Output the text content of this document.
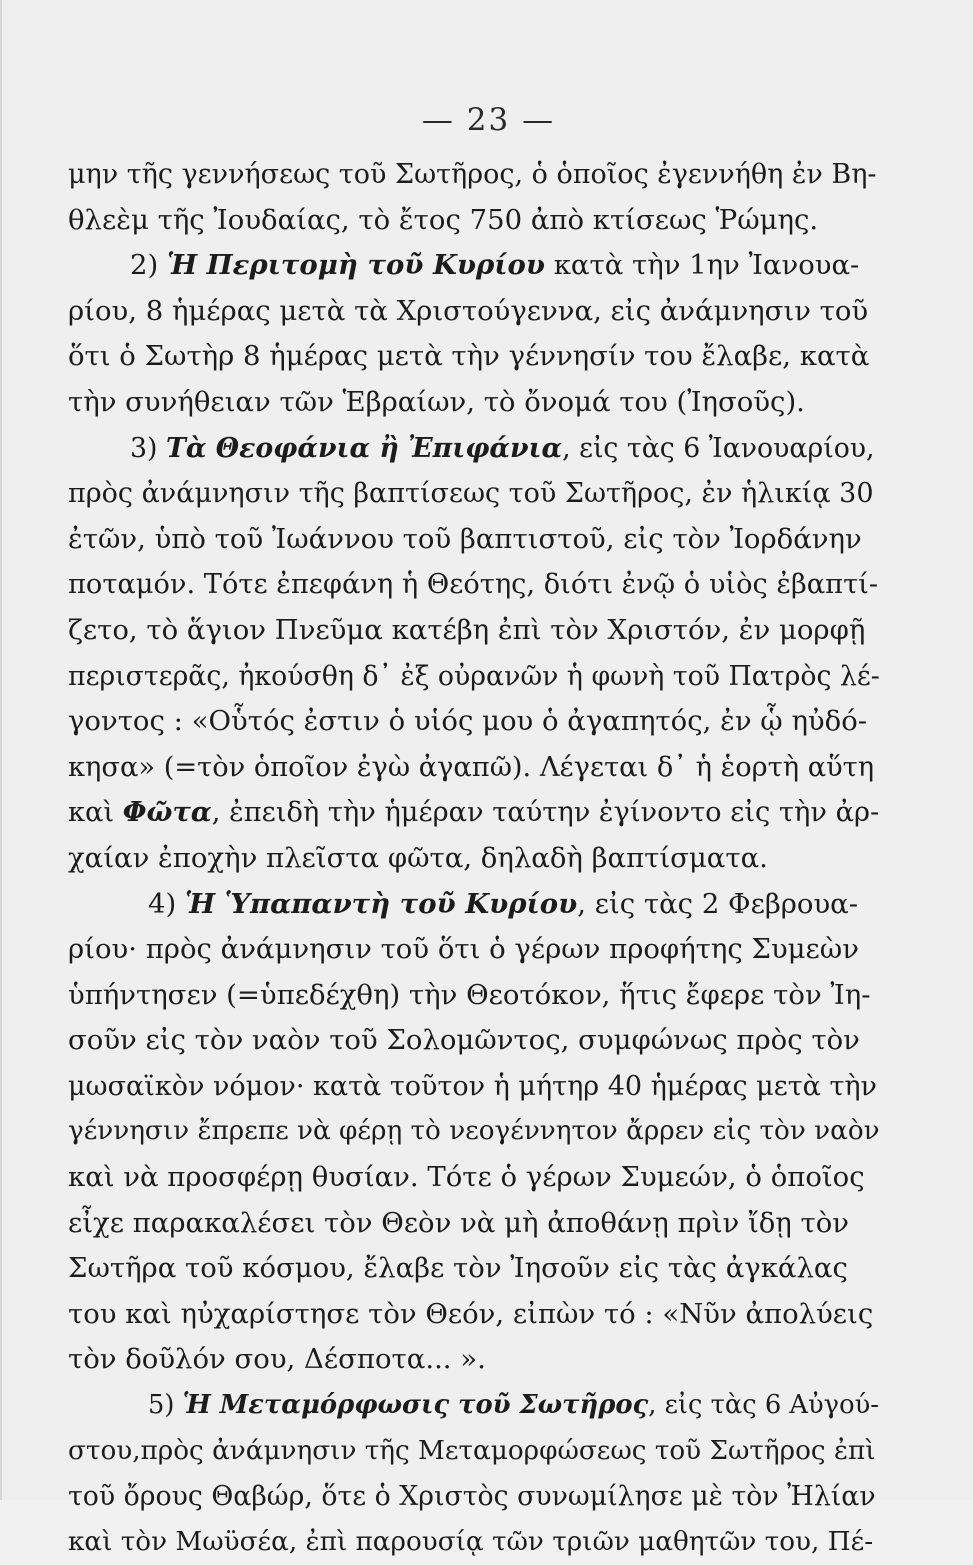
— 23 —
μην τῆς γεννήσεως τοῦ Σωτῆρος, ὁ ὁποῖος ἐγεννήθη ἐν Βη-
θλεὲμ τῆς Ἰουδαίας, τὸ ἔτος 750 ἀπὸ κτίσεως Ῥώμης.
2) Ἡ Περιτομὴ τοῦ Κυρίου κατὰ τὴν 1ην Ἰανουα-
ρίου, 8 ἡμέρας μετὰ τὰ Χριστούγεννα, εἰς ἀνάμνησιν τοῦ
ὅτι ὁ Σωτὴρ 8 ἡμέρας μετὰ τὴν γέννησίν του ἔλαβε, κατὰ
τὴν συνήθειαν τῶν Ἑβραίων, τὸ ὄνομά του (Ἰησοῦς).
3) Τὰ Θεοφάνια ἢ Ἐπιφάνια, εἰς τὰς 6 Ἰανουαρίου,
πρὸς ἀνάμνησιν τῆς βαπτίσεως τοῦ Σωτῆρος, ἐν ἡλικίᾳ 30
ἐτῶν, ὑπὸ τοῦ Ἰωάννου τοῦ βαπτιστοῦ, εἰς τὸν Ἰορδάνην
ποταμόν. Τότε ἐπεφάνη ἡ Θεότης, διότι ἐνῷ ὁ υἱὸς ἐβαπτί-
ζετο, τὸ ἅγιον Πνεῦμα κατέβη ἐπὶ τὸν Χριστόν, ἐν μορφῇ
περιστερᾶς, ἠκούσθη δ᾽ ἐξ οὐρανῶν ἡ φωνὴ τοῦ Πατρὸς λέ-
γοντος : «Οὗτός ἐστιν ὁ υἱός μου ὁ ἀγαπητός, ἐν ᾧ ηὐδό-
κησα» (=τὸν ὁποῖον ἐγὼ ἀγαπῶ). Λέγεται δ᾽ ἡ ἑορτὴ αὕτη
καὶ Φῶτα, ἐπειδὴ τὴν ἡμέραν ταύτην ἐγίνοντο εἰς τὴν ἀρ-
χαίαν ἐποχὴν πλεῖστα φῶτα, δηλαδὴ βαπτίσματα.
4) Ἡ Ὑπαπαντὴ τοῦ Κυρίου, εἰς τὰς 2 Φεβρουα-
ρίου· πρὸς ἀνάμνησιν τοῦ ὅτι ὁ γέρων προφήτης Συμεὼν
ὑπήντησεν (=ὑπεδέχθη) τὴν Θεοτόκον, ἥτις ἔφερε τὸν Ἰη-
σοῦν εἰς τὸν ναὸν τοῦ Σολομῶντος, συμφώνως πρὸς τὸν
μωσαϊκὸν νόμον· κατὰ τοῦτον ἡ μήτηρ 40 ἡμέρας μετὰ τὴν
γέννησιν ἔπρεπε νὰ φέρῃ τὸ νεογέννητον ἄρρεν εἰς τὸν ναὸν
καὶ νὰ προσφέρῃ θυσίαν. Τότε ὁ γέρων Συμεών, ὁ ὁποῖος
εἶχε παρακαλέσει τὸν Θεὸν νὰ μὴ ἀποθάνῃ πρὶν ἴδῃ τὸν
Σωτῆρα τοῦ κόσμου, ἔλαβε τὸν Ἰησοῦν εἰς τὰς ἀγκάλας
του καὶ ηὐχαρίστησε τὸν Θεόν, εἰπὼν τό : «Νῦν ἀπολύεις
τὸν δοῦλόν σου, Δέσποτα... ».
5) Ἡ Μεταμόρφωσις τοῦ Σωτῆρος, εἰς τὰς 6 Αὐγού-
στου,πρὸς ἀνάμνησιν τῆς Μεταμορφώσεως τοῦ Σωτῆρος ἐπὶ
τοῦ ὄρους Θαβώρ, ὅτε ὁ Χριστὸς συνωμίλησε μὲ τὸν Ἠλίαν
καὶ τὸν Μωϋσέα, ἐπὶ παρουσίᾳ τῶν τριῶν μαθητῶν του, Πέ-
